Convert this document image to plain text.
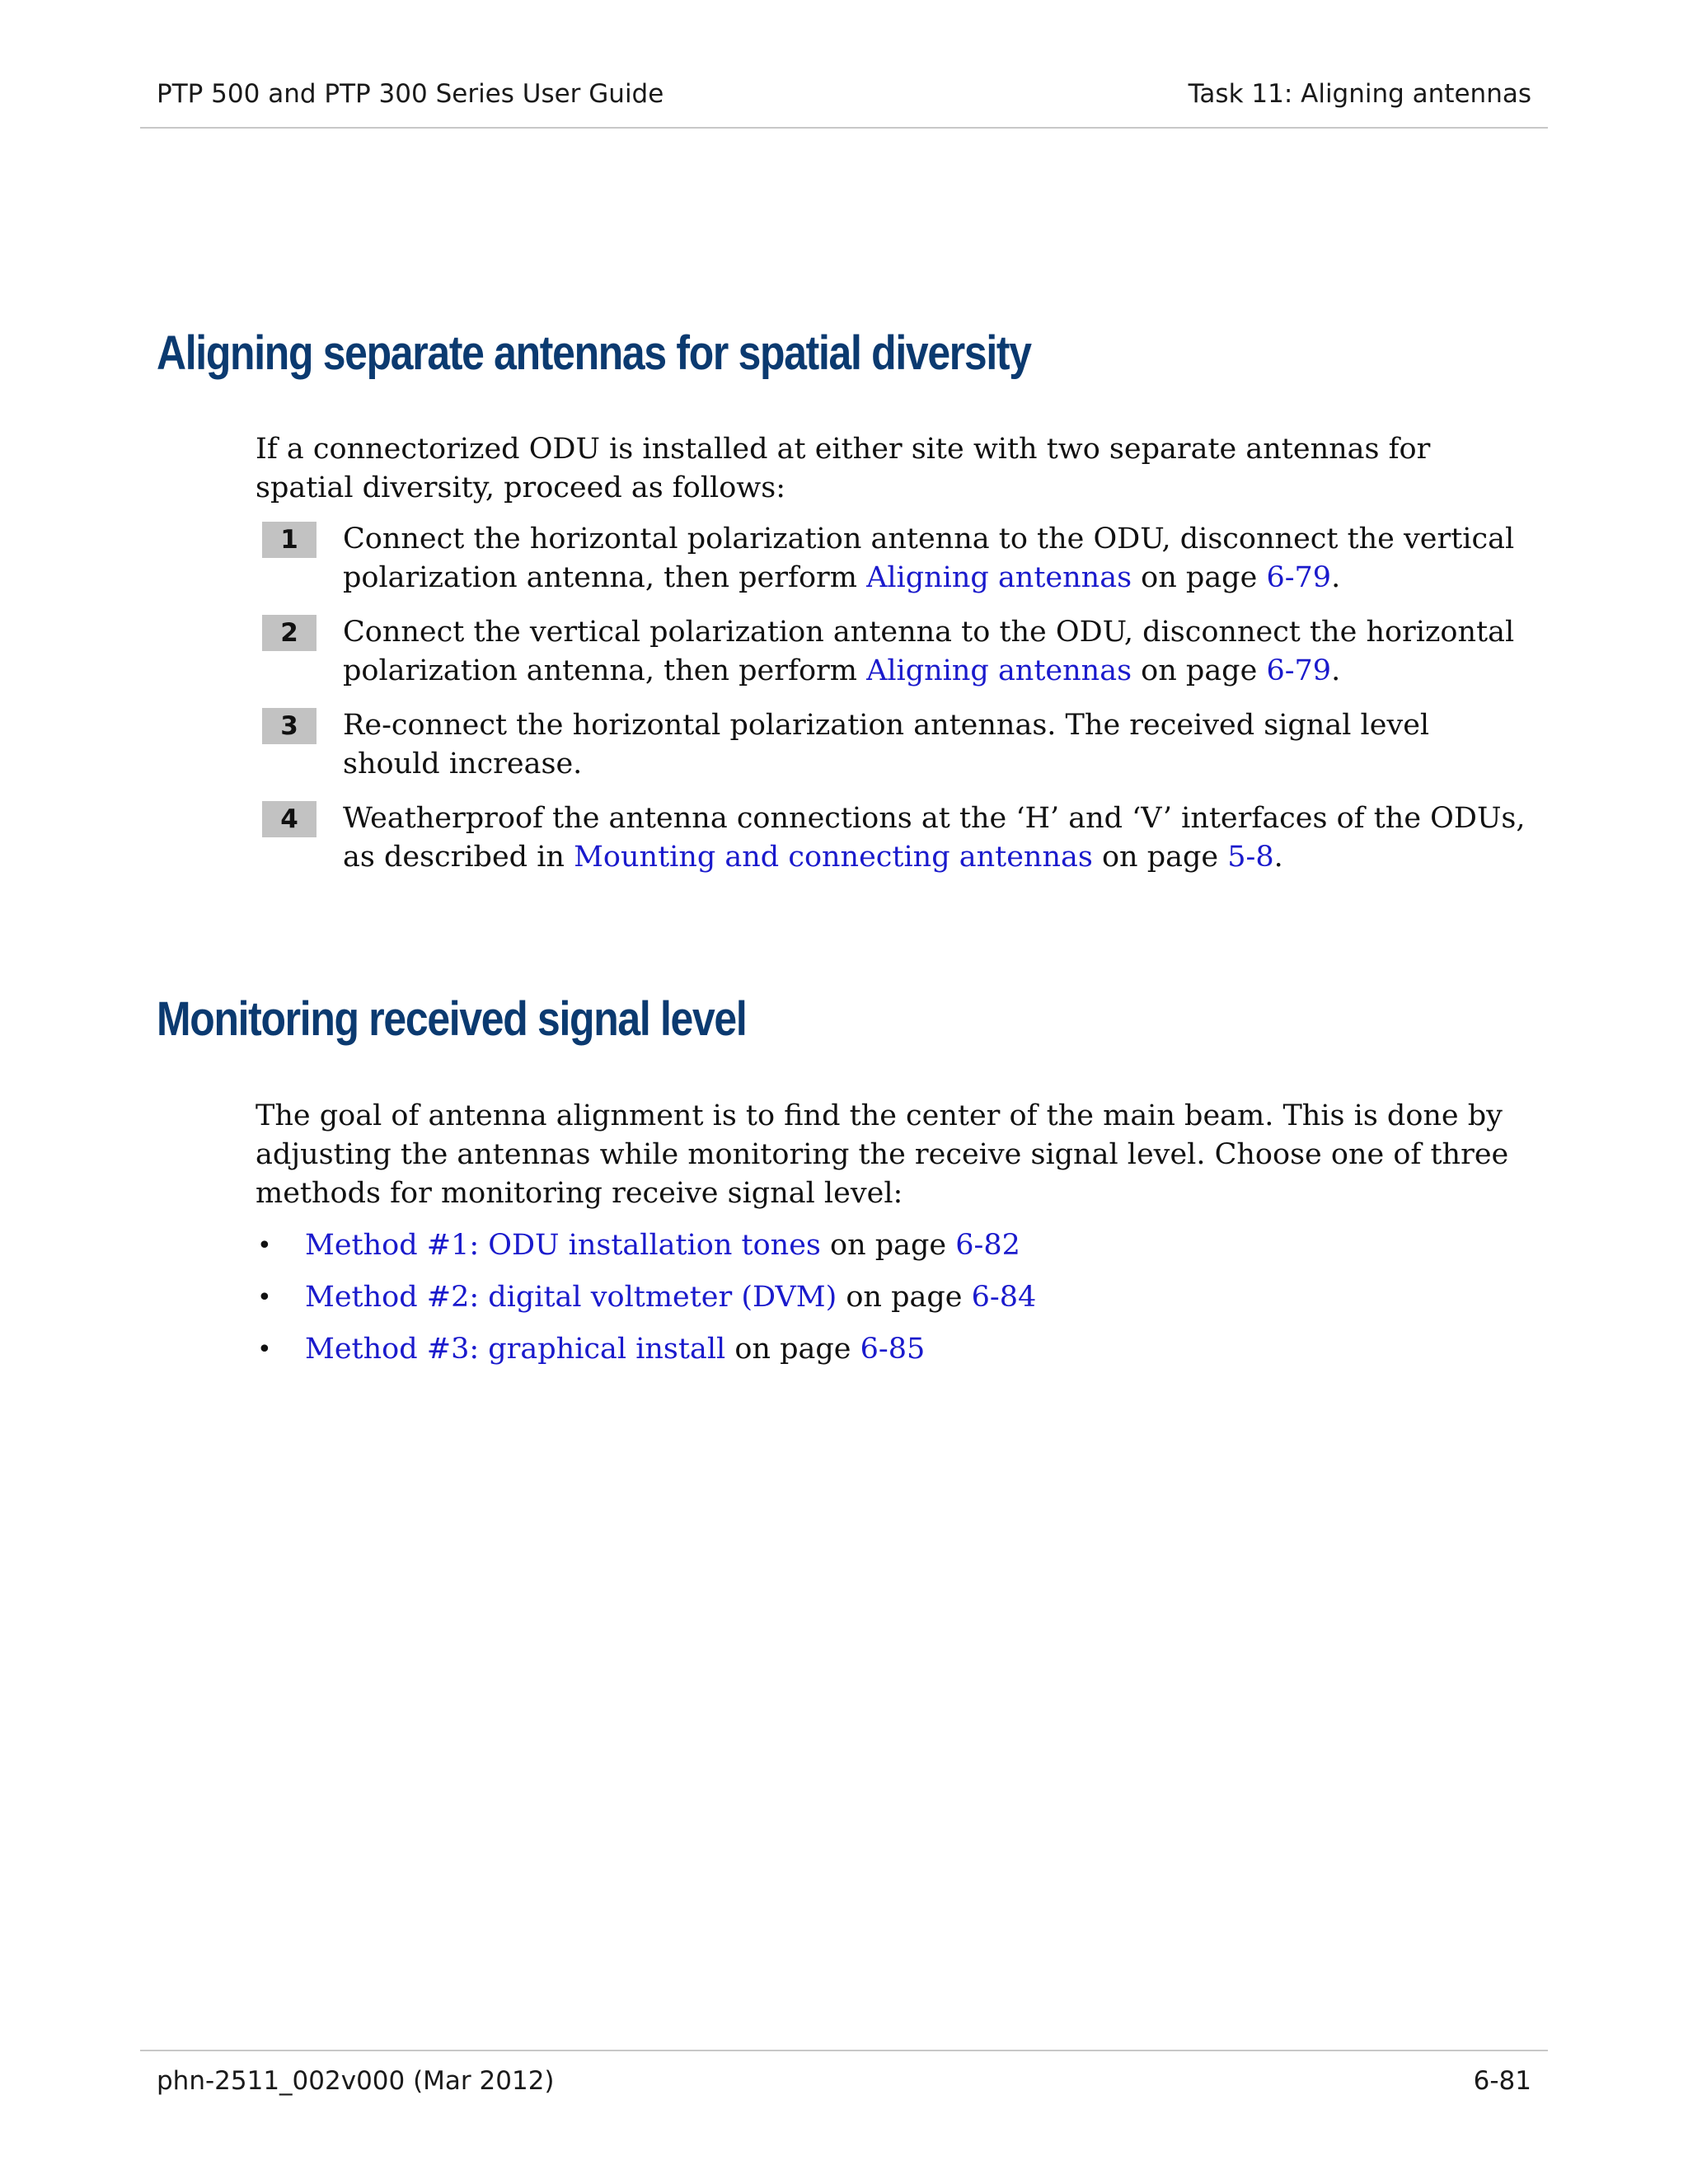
PTP 500 and PTP 300 Series User Guide	Task 11: Aligning antennas
Aligning separate antennas for spatial diversity

If a connectorized ODU is installed at either site with two separate antennas for spatial diversity, proceed as follows:

1	Connect the horizontal polarization antenna to the ODU, disconnect the vertical polarization antenna, then perform Aligning antennas on page 6-79.
2	Connect the vertical polarization antenna to the ODU, disconnect the horizontal polarization antenna, then perform Aligning antennas on page 6-79.
3	Re-connect the horizontal polarization antennas. The received signal level should increase.
4	Weatherproof the antenna connections at the ‘H’ and ‘V’ interfaces of the ODUs, as described in Mounting and connecting antennas on page 5-8.
Monitoring received signal level

The goal of antenna alignment is to find the center of the main beam. This is done by adjusting the antennas while monitoring the receive signal level. Choose one of three methods for monitoring receive signal level:

• Method #1: ODU installation tones on page 6-82
• Method #2: digital voltmeter (DVM) on page 6-84
• Method #3: graphical install on page 6-85
phn-2511_002v000 (Mar 2012)	6-81
